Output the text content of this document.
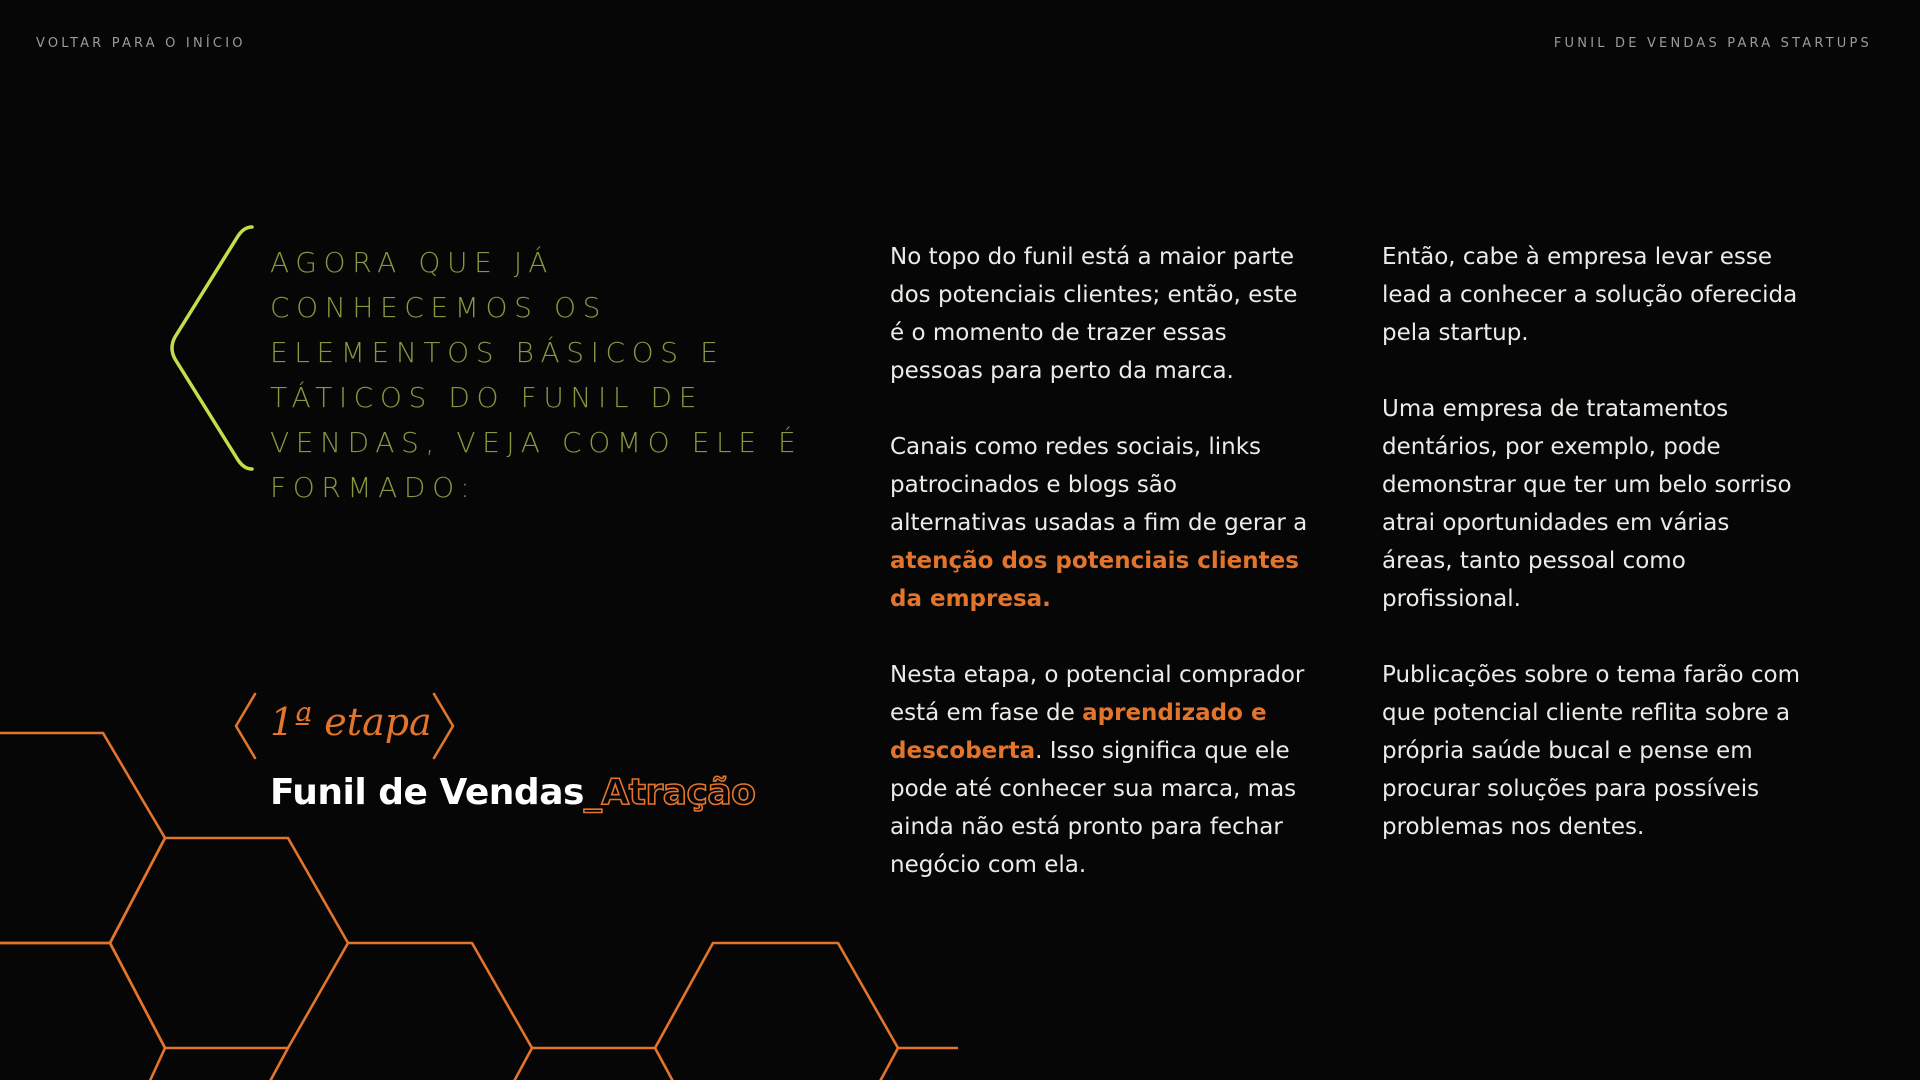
VOLTAR PARA O INÍCIO	FUNIL DE VENDAS PARA STARTUPS

AGORA QUE JÁ CONHECEMOS OS ELEMENTOS BÁSICOS E TÁTICOS DO FUNIL DE VENDAS, VEJA COMO ELE É FORMADO:

1ª etapa
Funil de Vendas_Atração

No topo do funil está a maior parte dos potenciais clientes; então, este é o momento de trazer essas pessoas para perto da marca.

Canais como redes sociais, links patrocinados e blogs são alternativas usadas a fim de gerar a atenção dos potenciais clientes da empresa.

Nesta etapa, o potencial comprador está em fase de aprendizado e descoberta. Isso significa que ele pode até conhecer sua marca, mas ainda não está pronto para fechar negócio com ela.

Então, cabe à empresa levar esse lead a conhecer a solução oferecida pela startup.

Uma empresa de tratamentos dentários, por exemplo, pode demonstrar que ter um belo sorriso atrai oportunidades em várias áreas, tanto pessoal como profissional.

Publicações sobre o tema farão com que potencial cliente reflita sobre a própria saúde bucal e pense em procurar soluções para possíveis problemas nos dentes.
